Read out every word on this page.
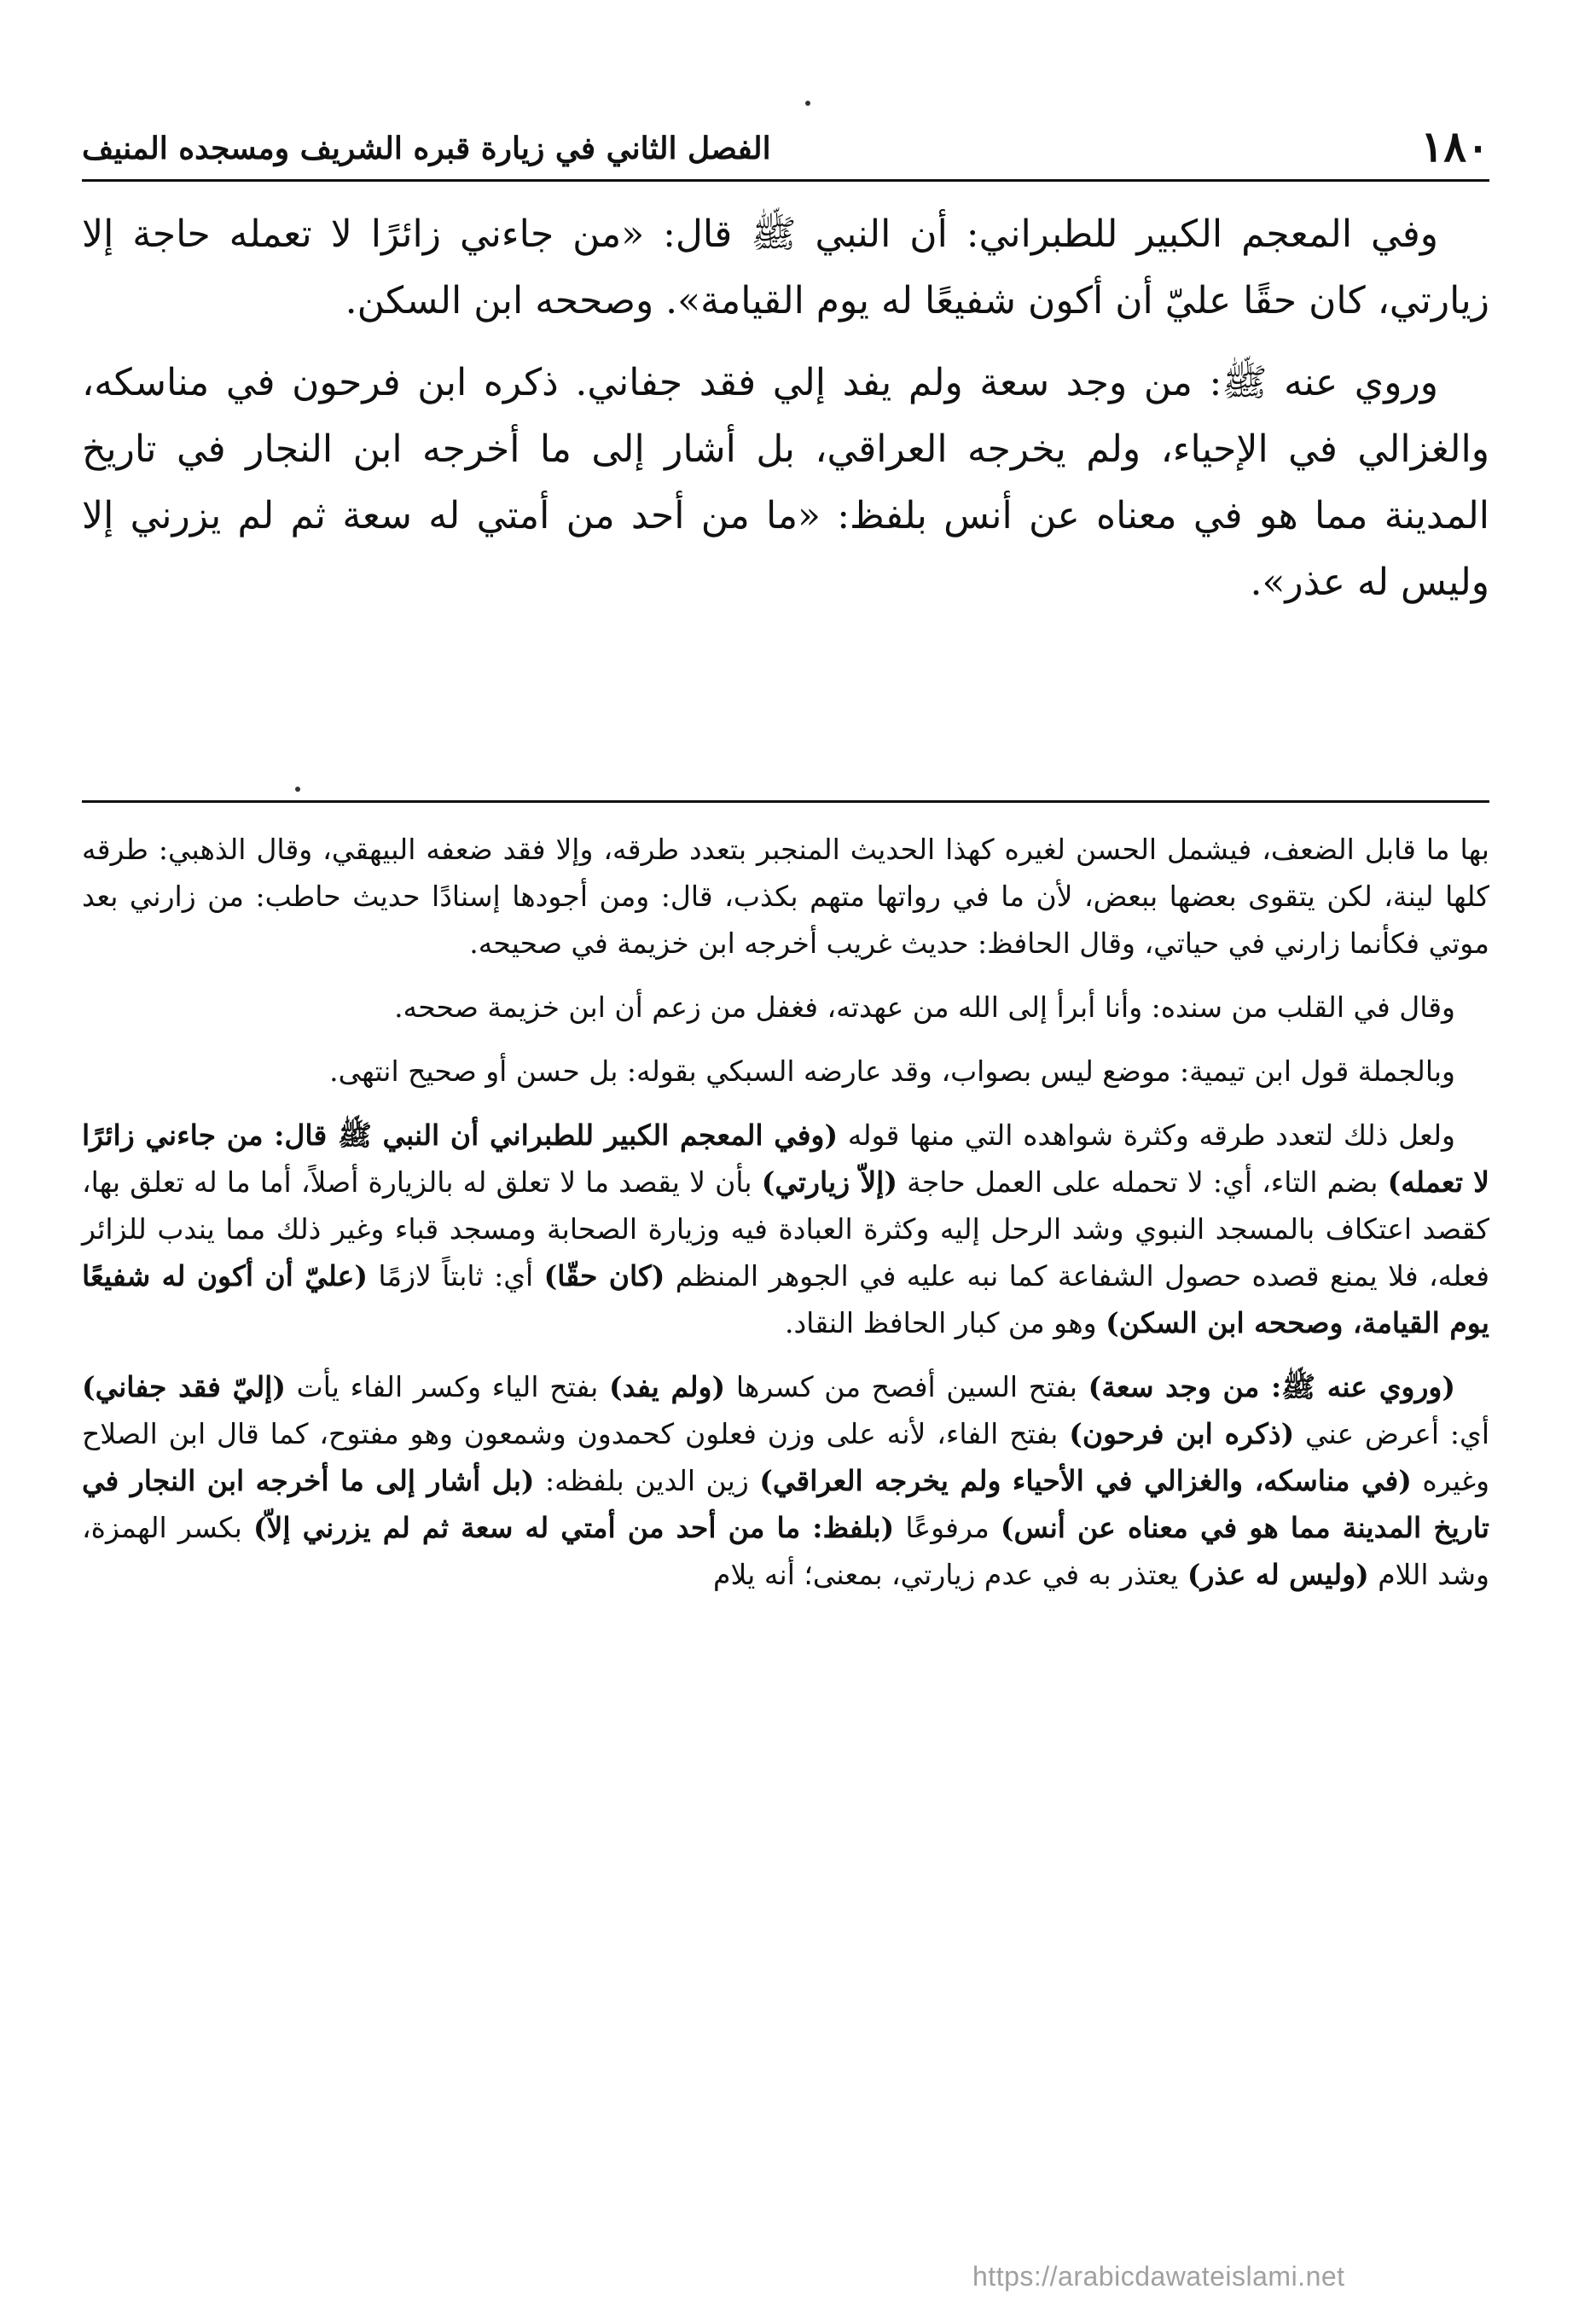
١٨٠
الفصل الثاني في زيارة قبره الشريف ومسجده المنيف

وفي المعجم الكبير للطبراني: أن النبي ﷺ قال: «من جاءني زائرًا لا تعمله حاجة إلا زيارتي، كان حقًا عليّ أن أكون شفيعًا له يوم القيامة». وصححه ابن السكن.

وروي عنه ﷺ: من وجد سعة ولم يفد إلي فقد جفاني. ذكره ابن فرحون في مناسكه، والغزالي في الإحياء، ولم يخرجه العراقي، بل أشار إلى ما أخرجه ابن النجار في تاريخ المدينة مما هو في معناه عن أنس بلفظ: «ما من أحد من أمتي له سعة ثم لم يزرني إلا وليس له عذر».

بها ما قابل الضعف، فيشمل الحسن لغيره كهذا الحديث المنجبر بتعدد طرقه، وإلا فقد ضعفه البيهقي، وقال الذهبي: طرقه كلها لينة، لكن يتقوى بعضها ببعض، لأن ما في رواتها متهم بكذب، قال: ومن أجودها إسنادًا حديث حاطب: من زارني بعد موتي فكأنما زارني في حياتي، وقال الحافظ: حديث غريب أخرجه ابن خزيمة في صحيحه.

وقال في القلب من سنده: وأنا أبرأ إلى الله من عهدته، فغفل من زعم أن ابن خزيمة صححه.

وبالجملة قول ابن تيمية: موضع ليس بصواب، وقد عارضه السبكي بقوله: بل حسن أو صحيح انتهى.

ولعل ذلك لتعدد طرقه وكثرة شواهده التي منها قوله (وفي المعجم الكبير للطبراني أن النبي ﷺ قال: من جاءني زائرًا لا تعمله) بضم التاء، أي: لا تحمله على العمل حاجة (إلاّ زيارتي) بأن لا يقصد ما لا تعلق له بالزيارة أصلاً، أما ما له تعلق بها، كقصد اعتكاف بالمسجد النبوي وشد الرحل إليه وكثرة العبادة فيه وزيارة الصحابة ومسجد قباء وغير ذلك مما يندب للزائر فعله، فلا يمنع قصده حصول الشفاعة كما نبه عليه في الجوهر المنظم (كان حقّا) أي: ثابتاً لازمًا (عليّ أن أكون له شفيعًا يوم القيامة، وصححه ابن السكن) وهو من كبار الحافظ النقاد.

(وروي عنه ﷺ: من وجد سعة) بفتح السين أفصح من كسرها (ولم يفد) بفتح الياء وكسر الفاء يأت (إليّ فقد جفاني) أي: أعرض عني (ذكره ابن فرحون) بفتح الفاء، لأنه على وزن فعلون كحمدون وشمعون وهو مفتوح، كما قال ابن الصلاح وغيره (في مناسكه، والغزالي في الأحياء ولم يخرجه العراقي) زين الدين بلفظه: (بل أشار إلى ما أخرجه ابن النجار في تاريخ المدينة مما هو في معناه عن أنس) مرفوعًا (بلفظ: ما من أحد من أمتي له سعة ثم لم يزرني إلاّ) بكسر الهمزة، وشد اللام (وليس له عذر) يعتذر به في عدم زيارتي، بمعنى؛ أنه يلام

https://arabicdawateislami.net
